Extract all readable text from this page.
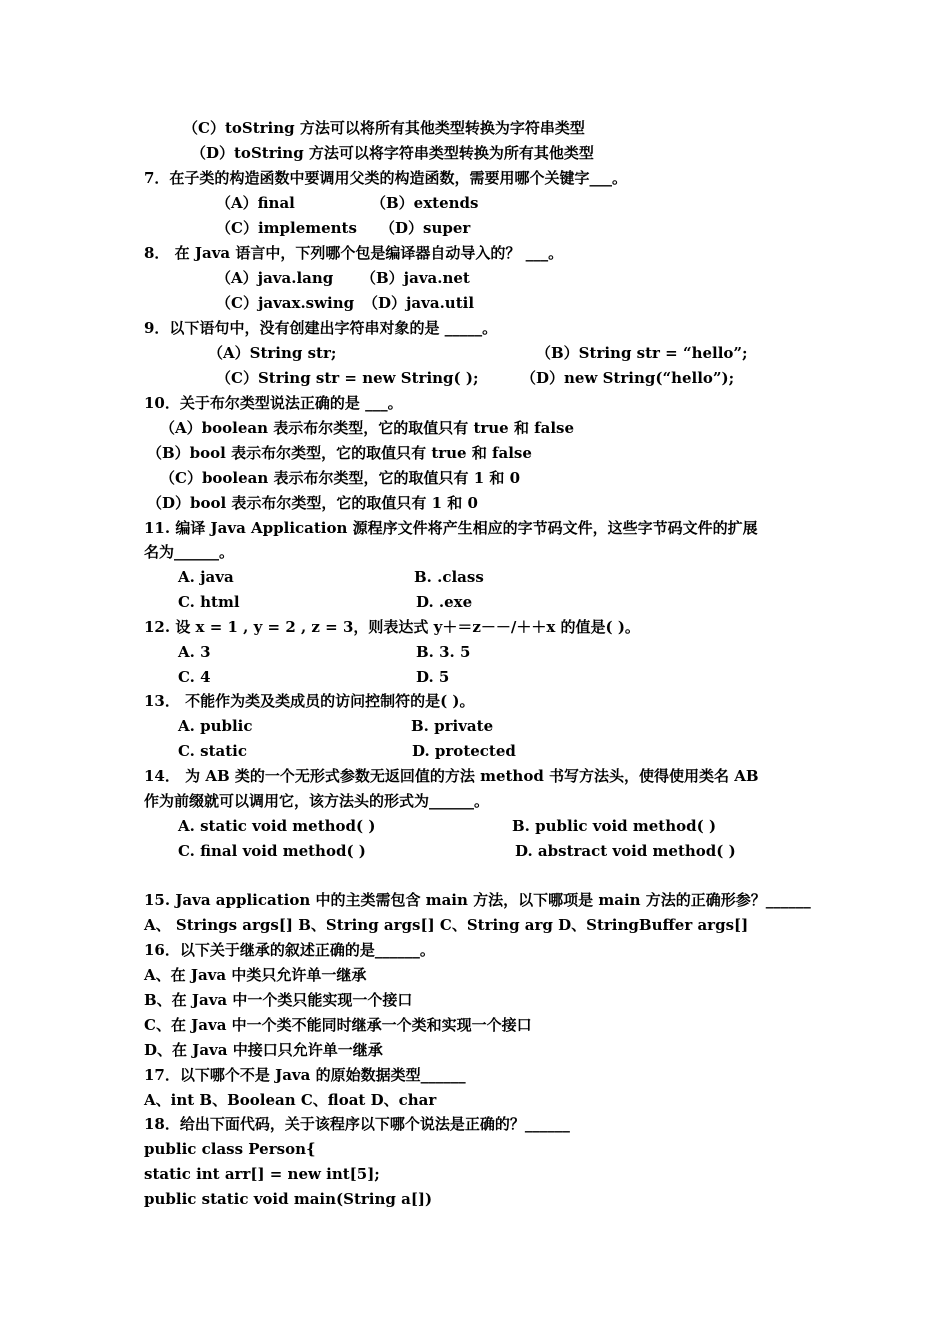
（C）toString 方法可以将所有其他类型转换为字符串类型
（D）toString 方法可以将字符串类型转换为所有其他类型
7．在子类的构造函数中要调用父类的构造函数，需要用哪个关键字___。
（A）final	（B）extends
（C）implements （D）super
8． 在 Java 语言中，下列哪个包是编译器自动导入的？ ___。
（A）java.lang （B）java.net
（C）javax.swing （D）java.util
9．以下语句中，没有创建出字符串对象的是 _____。
（A）String str;	（B）String str = “hello”;
（C）String str = new String( );	（D）new String(“hello”);
10．关于布尔类型说法正确的是 ___。
（A）boolean 表示布尔类型，它的取值只有 true 和 false
（B）bool 表示布尔类型，它的取值只有 true 和 false
（C）boolean 表示布尔类型，它的取值只有 1 和 0
（D）bool 表示布尔类型，它的取值只有 1 和 0
11. 编译 Java Application 源程序文件将产生相应的字节码文件，这些字节码文件的扩展
名为______。
A. java	B. .class
C. html	D. .exe
12. 设 x = 1 , y = 2 , z = 3，则表达式 y＋＝z－－/＋＋x 的值是( )。
A. 3	B. 3. 5
C. 4	D. 5
13． 不能作为类及类成员的访问控制符的是( )。
A. public	B. private
C. static	D. protected
14． 为 AB 类的一个无形式参数无返回值的方法 method 书写方法头，使得使用类名 AB
作为前缀就可以调用它，该方法头的形式为______。
A. static void method( )	B. public void method( )
C. final void method( )	D. abstract void method( )
15. Java application 中的主类需包含 main 方法，以下哪项是 main 方法的正确形参？______
A、 Strings args[] B、String args[] C、String arg D、StringBuffer args[]
16．以下关于继承的叙述正确的是______。
A、在 Java 中类只允许单一继承
B、在 Java 中一个类只能实现一个接口
C、在 Java 中一个类不能同时继承一个类和实现一个接口
D、在 Java 中接口只允许单一继承
17．以下哪个不是 Java 的原始数据类型______
A、int B、Boolean C、float D、char
18．给出下面代码，关于该程序以下哪个说法是正确的？______
public class Person{
static int arr[] = new int[5];
public static void main(String a[])
